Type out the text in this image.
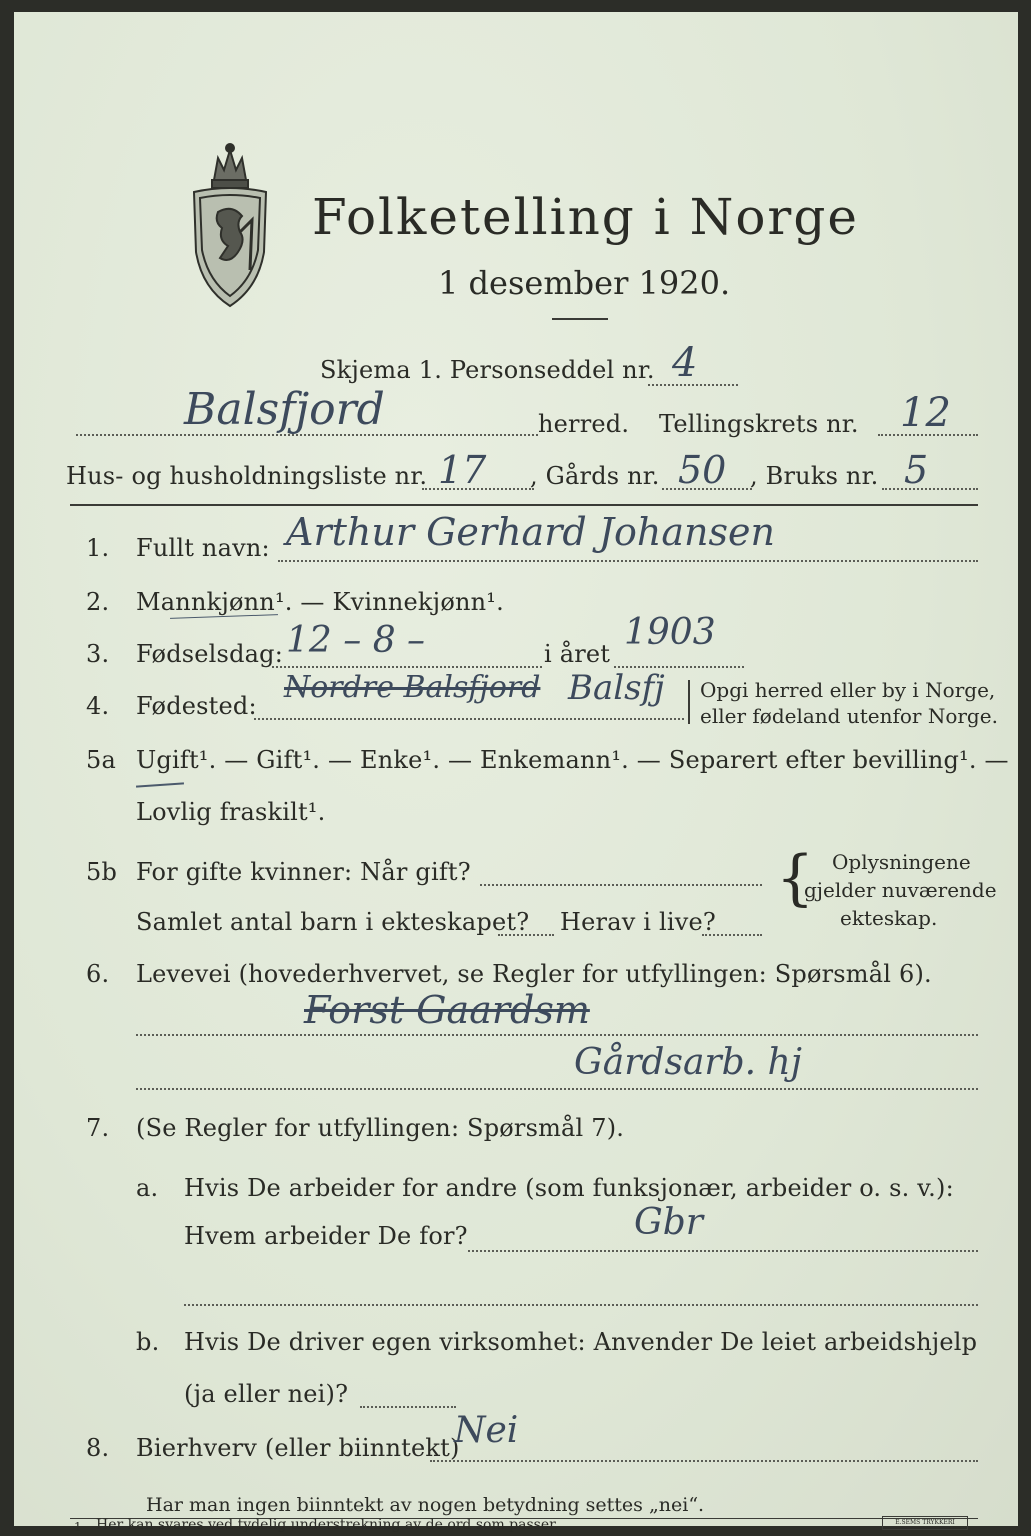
Folketelling i Norge
1 desember 1920.
Skjema 1. Personseddel nr. 4
Balsfjord	herred. Tellingskrets nr. 12
Hus- og husholdningsliste nr. 17 , Gårds nr. 50 , Bruks nr. 5
1. Fullt navn: Arthur Gerhard Johansen
2. Mannkjønn¹. — Kvinnekjønn¹.
3. Fødselsdag: 12 – 8 –	i året
1903
4. Fødested:
Nordre Balsfjord Balsfj Opgi herred eller by i Norge,
eller fødeland utenfor Norge.
5a Ugift¹. — Gift¹. — Enke¹. — Enkemann¹. — Separert efter bevilling¹. —
Lovlig fraskilt¹.
5b For gifte kvinner: Når gift?
Samlet antal barn i ekteskapet? Herav i live?
{ Oplysningene
gjelder nuværende
ekteskap.
6. Levevei (hovederhvervet, se Regler for utfyllingen: Spørsmål 6).
Forst Gaardsm
Gårdsarb. hj
7. (Se Regler for utfyllingen: Spørsmål 7).
a. Hvis De arbeider for andre (som funksjonær, arbeider o. s. v.):
Hvem arbeider De for?	Gbr
b. Hvis De driver egen virksomhet: Anvender De leiet arbeidshjelp
(ja eller nei)?
8. Bierhverv (eller biinntekt)
Nei
Har man ingen biinntekt av nogen betydning settes „nei“.
1 Her kan svares ved tydelig understrekning av de ord som passer.	E.SEMS TRYKKERI
